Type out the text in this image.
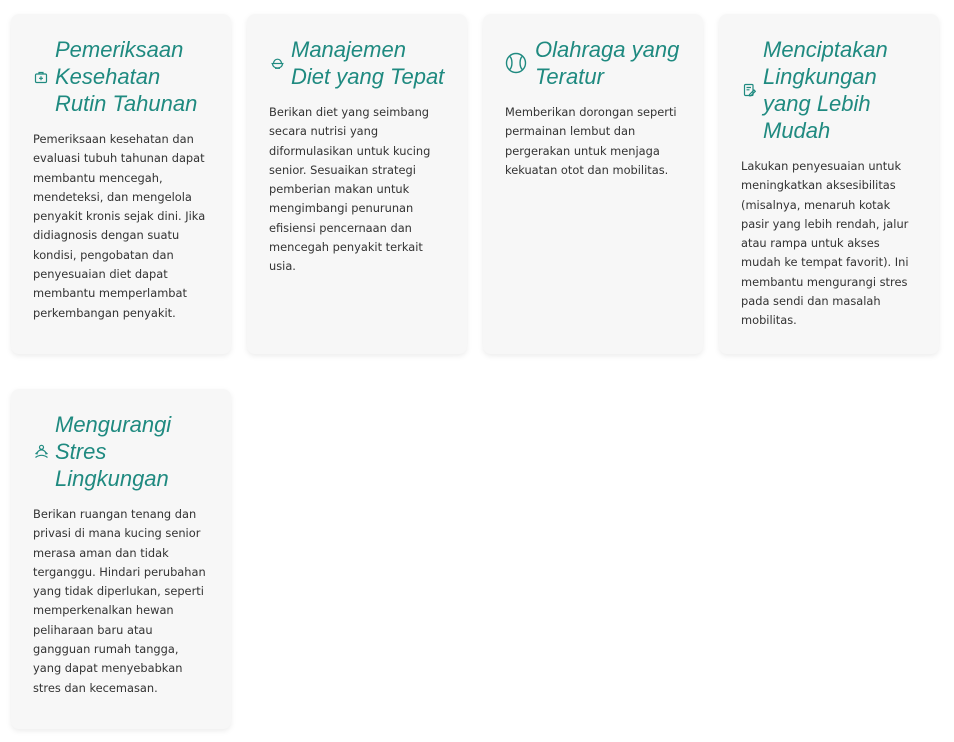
Pemeriksaan Kesehatan Rutin Tahunan

Pemeriksaan kesehatan dan evaluasi tubuh tahunan dapat membantu mencegah, mendeteksi, dan mengelola penyakit kronis sejak dini. Jika didiagnosis dengan suatu kondisi, pengobatan dan penyesuaian diet dapat membantu memperlambat perkembangan penyakit.

Manajemen Diet yang Tepat

Berikan diet yang seimbang secara nutrisi yang diformulasikan untuk kucing senior. Sesuaikan strategi pemberian makan untuk mengimbangi penurunan efisiensi pencernaan dan mencegah penyakit terkait usia.

Olahraga yang Teratur

Memberikan dorongan seperti permainan lembut dan pergerakan untuk menjaga kekuatan otot dan mobilitas.

Menciptakan Lingkungan yang Lebih Mudah

Lakukan penyesuaian untuk meningkatkan aksesibilitas (misalnya, menaruh kotak pasir yang lebih rendah, jalur atau rampa untuk akses mudah ke tempat favorit). Ini membantu mengurangi stres pada sendi dan masalah mobilitas.

Mengurangi Stres Lingkungan

Berikan ruangan tenang dan privasi di mana kucing senior merasa aman dan tidak terganggu. Hindari perubahan yang tidak diperlukan, seperti memperkenalkan hewan peliharaan baru atau gangguan rumah tangga, yang dapat menyebabkan stres dan kecemasan.
